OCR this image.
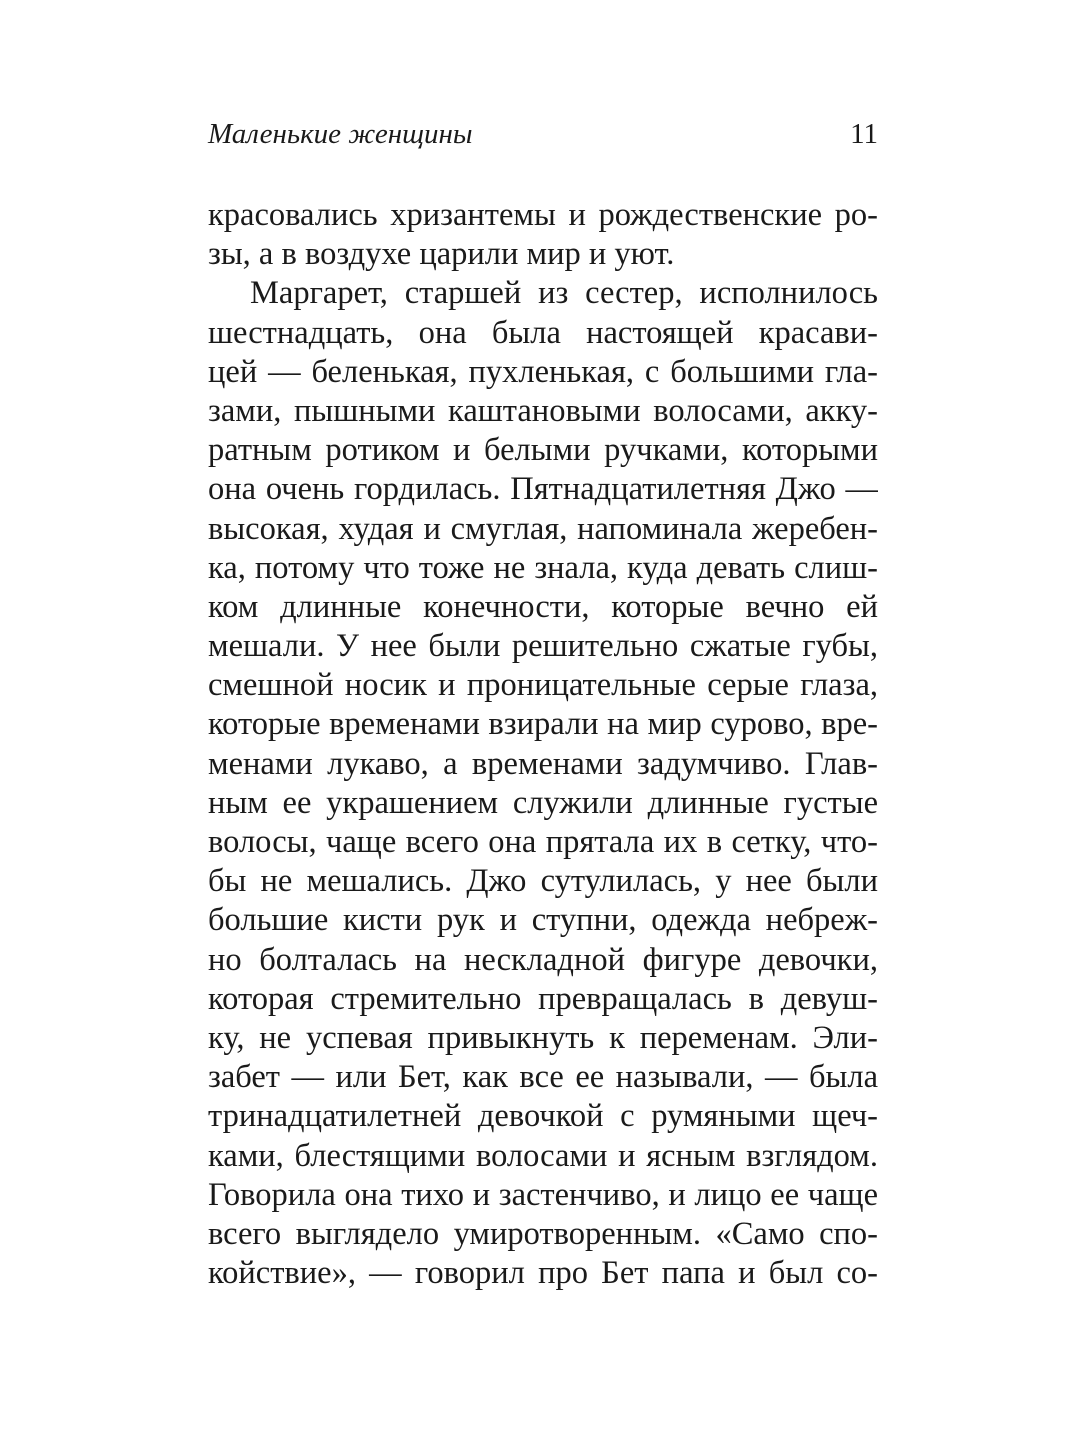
Маленькие женщины	11
красовались хризантемы и рождественские ро-
зы, а в воздухе царили мир и уют.
Маргарет, старшей из сестер, исполнилось
шестнадцать, она была настоящей красави-
цей — беленькая, пухленькая, с большими гла-
зами, пышными каштановыми волосами, акку-
ратным ротиком и белыми ручками, которыми
она очень гордилась. Пятнадцатилетняя Джо —
высокая, худая и смуглая, напоминала жеребен-
ка, потому что тоже не знала, куда девать слиш-
ком длинные конечности, которые вечно ей
мешали. У нее были решительно сжатые губы,
смешной носик и проницательные серые глаза,
которые временами взирали на мир сурово, вре-
менами лукаво, а временами задумчиво. Глав-
ным ее украшением служили длинные густые
волосы, чаще всего она прятала их в сетку, что-
бы не мешались. Джо сутулилась, у нее были
большие кисти рук и ступни, одежда небреж-
но болталась на нескладной фигуре девочки,
которая стремительно превращалась в девуш-
ку, не успевая привыкнуть к переменам. Эли-
забет — или Бет, как все ее называли, — была
тринадцатилетней девочкой с румяными щеч-
ками, блестящими волосами и ясным взглядом.
Говорила она тихо и застенчиво, и лицо ее чаще
всего выглядело умиротворенным. «Само спо-
койствие», — говорил про Бет папа и был со-
